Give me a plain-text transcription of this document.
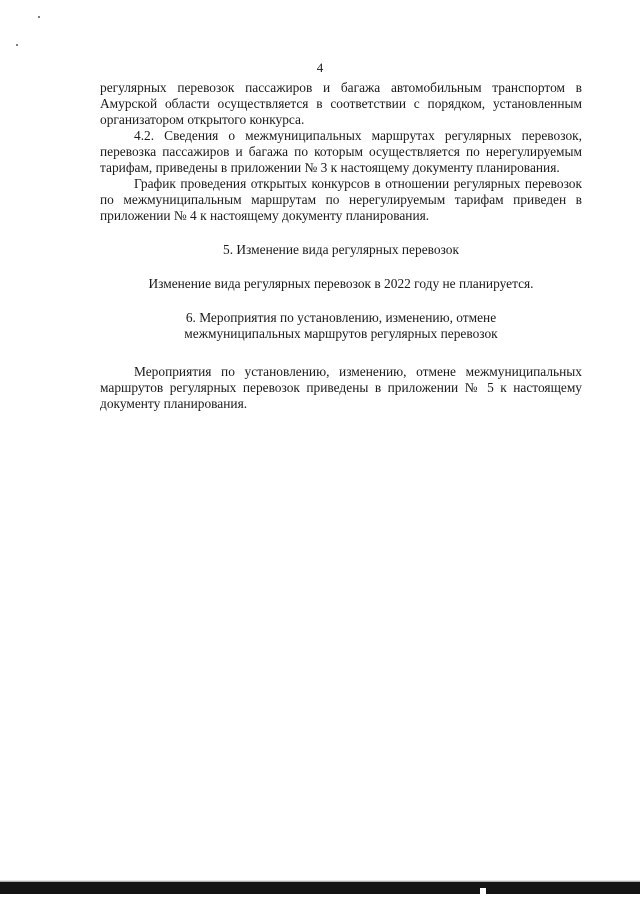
4

регулярных перевозок пассажиров и багажа автомобильным транспортом в Амурской области осуществляется в соответствии с порядком, установленным организатором открытого конкурса.

4.2. Сведения о межмуниципальных маршрутах регулярных перевозок, перевозка пассажиров и багажа по которым осуществляется по нерегулируемым тарифам, приведены в приложении № 3 к настоящему документу планирования.

График проведения открытых конкурсов в отношении регулярных перевозок по межмуниципальным маршрутам по нерегулируемым тарифам приведен в приложении № 4 к настоящему документу планирования.

5. Изменение вида регулярных перевозок

Изменение вида регулярных перевозок в 2022 году не планируется.

6. Мероприятия по установлению, изменению, отмене

межмуниципальных маршрутов регулярных перевозок

Мероприятия по установлению, изменению, отмене межмуниципальных маршрутов регулярных перевозок приведены в приложении № 5 к настоящему документу планирования.
